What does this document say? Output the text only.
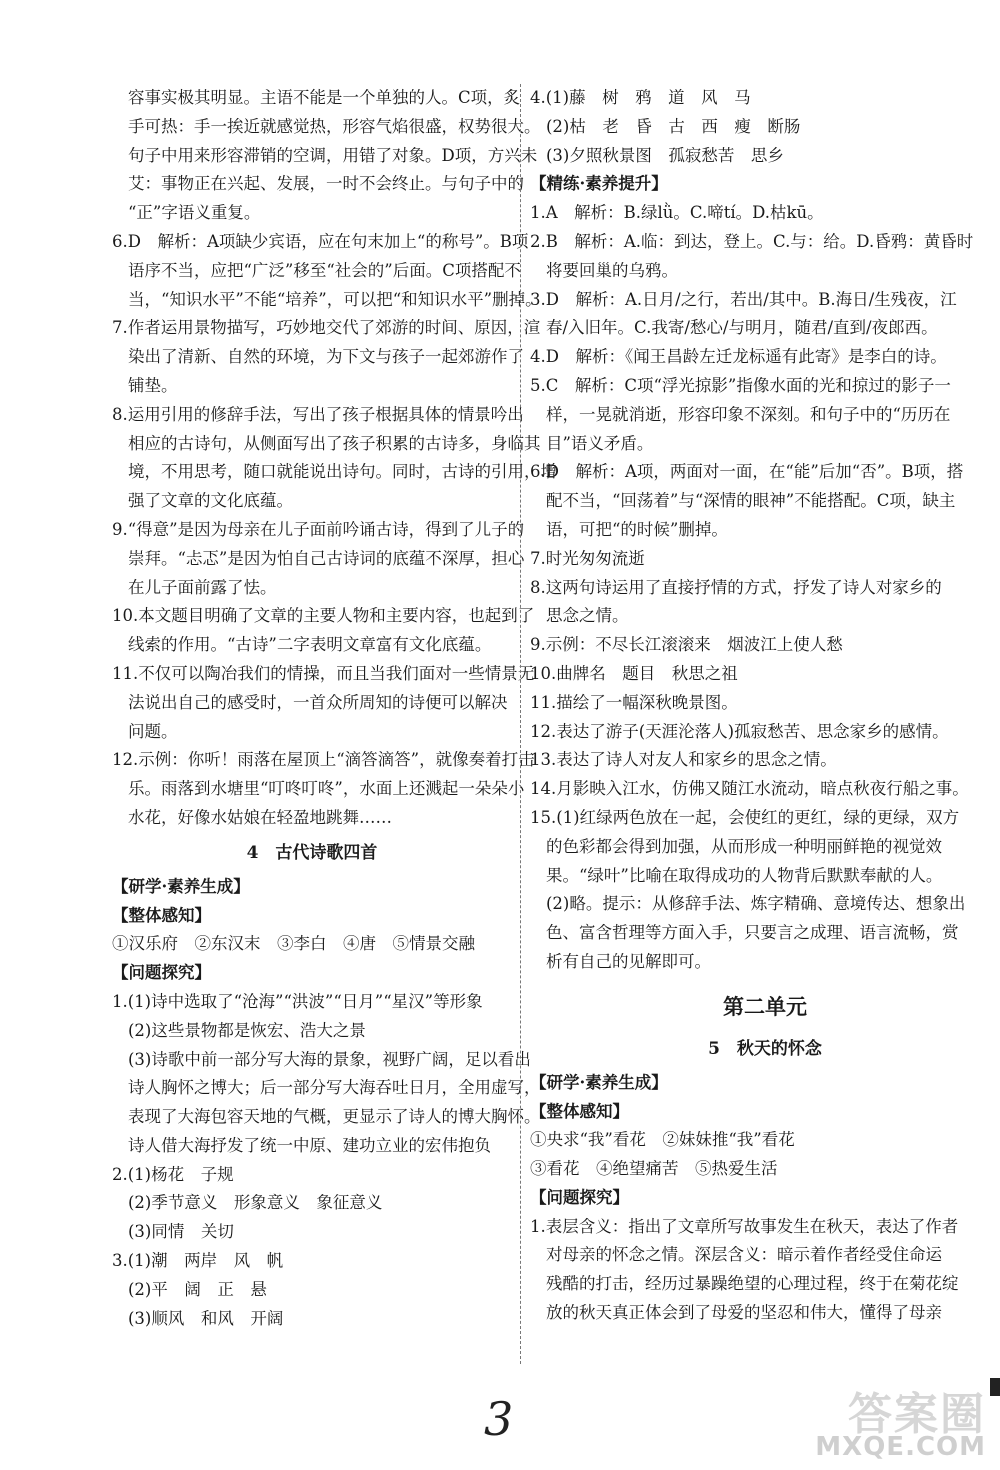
容事实极其明显。主语不能是一个单独的人。C项，炙
手可热：手一挨近就感觉热，形容气焰很盛，权势很大。
句子中用来形容滞销的空调，用错了对象。D项，方兴未
艾：事物正在兴起、发展，一时不会终止。与句子中的
“正”字语义重复。
6.D　解析：A项缺少宾语，应在句末加上“的称号”。B项
语序不当，应把“广泛”移至“社会的”后面。C项搭配不
当，“知识水平”不能“培养”，可以把“和知识水平”删掉。
7.作者运用景物描写，巧妙地交代了郊游的时间、原因，渲
染出了清新、自然的环境，为下文与孩子一起郊游作了
铺垫。
8.运用引用的修辞手法，写出了孩子根据具体的情景吟出
相应的古诗句，从侧面写出了孩子积累的古诗多，身临其
境，不用思考，随口就能说出诗句。同时，古诗的引用，增
强了文章的文化底蕴。
9.“得意”是因为母亲在儿子面前吟诵古诗，得到了儿子的
崇拜。“忐忑”是因为怕自己古诗词的底蕴不深厚，担心
在儿子面前露了怯。
10.本文题目明确了文章的主要人物和主要内容，也起到了
线索的作用。“古诗”二字表明文章富有文化底蕴。
11.不仅可以陶冶我们的情操，而且当我们面对一些情景无
法说出自己的感受时，一首众所周知的诗便可以解决
问题。
12.示例：你听！雨落在屋顶上“滴答滴答”，就像奏着打击
乐。雨落到水塘里“叮咚叮咚”，水面上还溅起一朵朵小
水花，好像水姑娘在轻盈地跳舞……
4　古代诗歌四首
【研学·素养生成】
【整体感知】
①汉乐府　②东汉末　③李白　④唐　⑤情景交融
【问题探究】
1.(1)诗中选取了“沧海”“洪波”“日月”“星汉”等形象
(2)这些景物都是恢宏、浩大之景
(3)诗歌中前一部分写大海的景象，视野广阔，足以看出
诗人胸怀之博大；后一部分写大海吞吐日月，全用虚写，
表现了大海包容天地的气概，更显示了诗人的博大胸怀。
诗人借大海抒发了统一中原、建功立业的宏伟抱负
2.(1)杨花　子规
(2)季节意义　形象意义　象征意义
(3)同情　关切
3.(1)潮　两岸　风　帆
(2)平　阔　正　悬
(3)顺风　和风　开阔
4.(1)藤　树　鸦　道　风　马
(2)枯　老　昏　古　西　瘦　断肠
(3)夕照秋景图　孤寂愁苦　思乡
【精练·素养提升】
1.A　解析：B.绿lǜ。C.啼tí。D.枯kū。
2.B　解析：A.临：到达，登上。C.与：给。D.昏鸦：黄昏时
将要回巢的乌鸦。
3.D　解析：A.日月/之行，若出/其中。B.海日/生残夜，江
春/入旧年。C.我寄/愁心/与明月，随君/直到/夜郎西。
4.D　解析：《闻王昌龄左迁龙标遥有此寄》是李白的诗。
5.C　解析：C项“浮光掠影”指像水面的光和掠过的影子一
样，一晃就消逝，形容印象不深刻。和句子中的“历历在
目”语义矛盾。
6.D　解析：A项，两面对一面，在“能”后加“否”。B项，搭
配不当，“回荡着”与“深情的眼神”不能搭配。C项，缺主
语，可把“的时候”删掉。
7.时光匆匆流逝
8.这两句诗运用了直接抒情的方式，抒发了诗人对家乡的
思念之情。
9.示例：不尽长江滚滚来　烟波江上使人愁
10.曲牌名　题目　秋思之祖
11.描绘了一幅深秋晚景图。
12.表达了游子(天涯沦落人)孤寂愁苦、思念家乡的感情。
13.表达了诗人对友人和家乡的思念之情。
14.月影映入江水，仿佛又随江水流动，暗点秋夜行船之事。
15.(1)红绿两色放在一起，会使红的更红，绿的更绿，双方
的色彩都会得到加强，从而形成一种明丽鲜艳的视觉效
果。“绿叶”比喻在取得成功的人物背后默默奉献的人。
(2)略。提示：从修辞手法、炼字精确、意境传达、想象出
色、富含哲理等方面入手，只要言之成理、语言流畅，赏
析有自己的见解即可。
第二单元
5　秋天的怀念
【研学·素养生成】
【整体感知】
①央求“我”看花　②妹妹推“我”看花
③看花　④绝望痛苦　⑤热爱生活
【问题探究】
1.表层含义：指出了文章所写故事发生在秋天，表达了作者
对母亲的怀念之情。深层含义：暗示着作者经受住命运
残酷的打击，经历过暴躁绝望的心理过程，终于在菊花绽
放的秋天真正体会到了母爱的坚忍和伟大，懂得了母亲
3	答案圈
MXQE.COM
